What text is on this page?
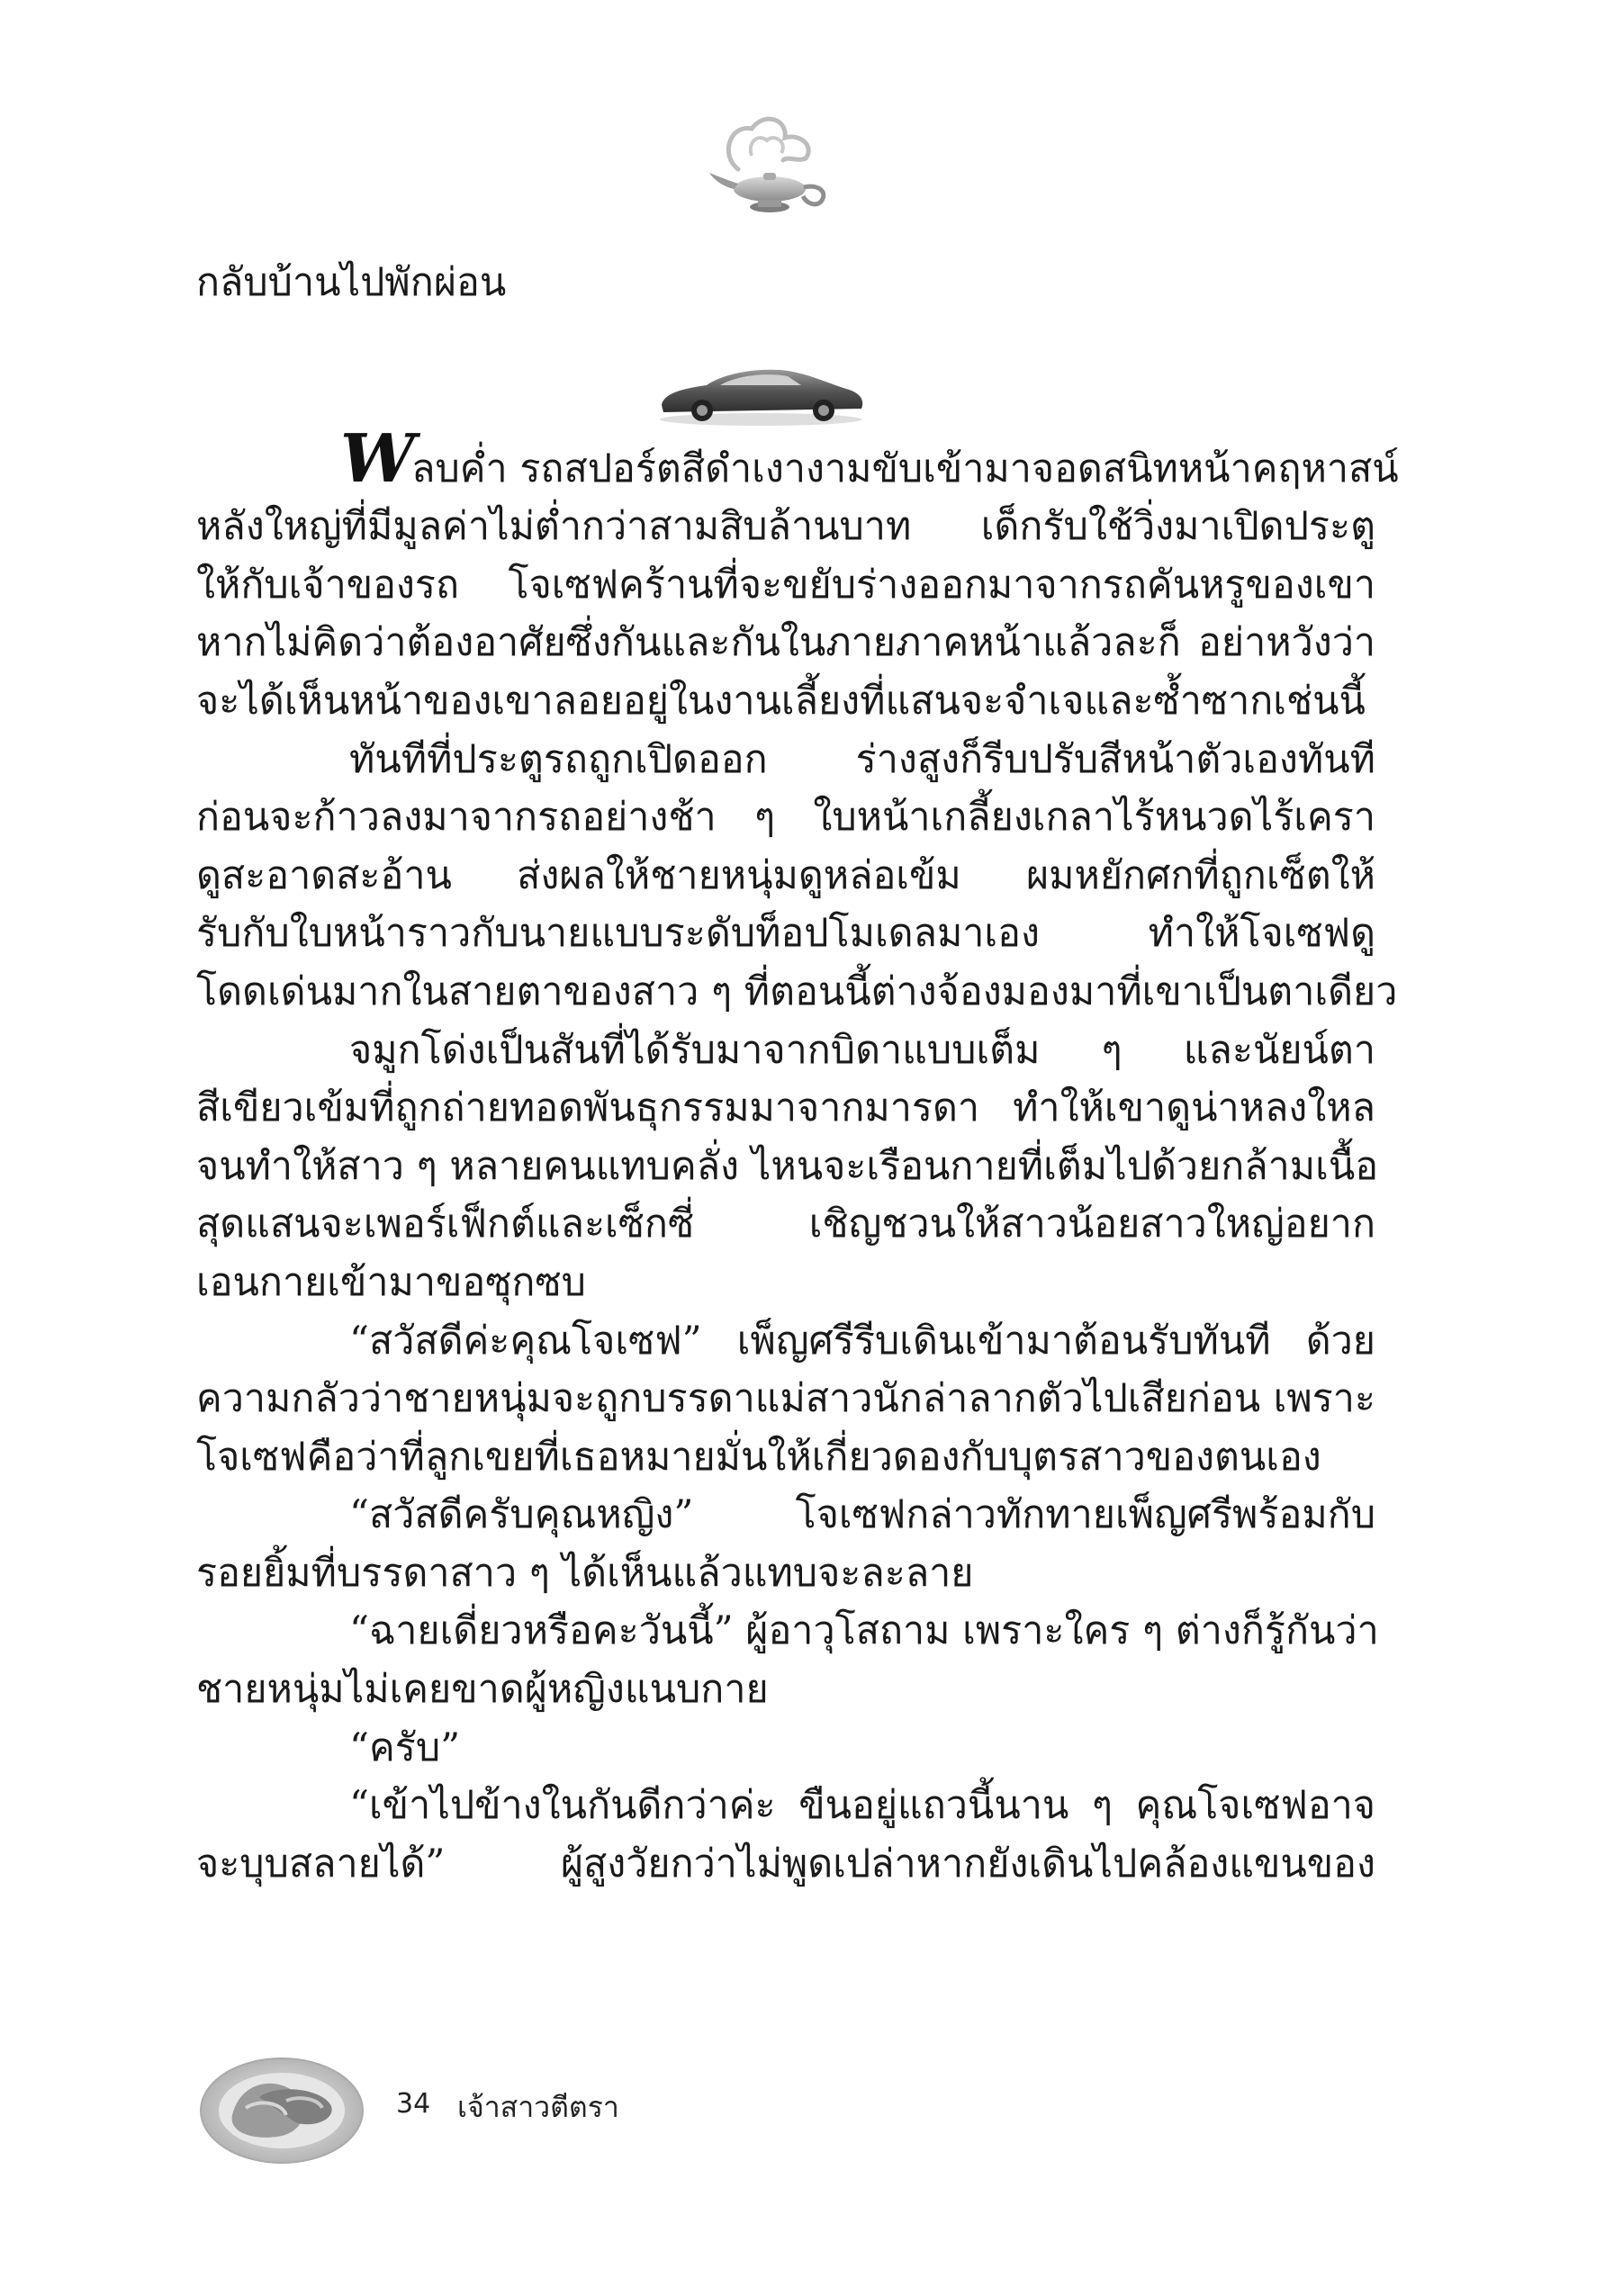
กลับบ้านไปพักผ่อน

Wลบค่ำ รถสปอร์ตสีดำเงางามขับเข้ามาจอดสนิทหน้าคฤหาสน์

หลังใหญ่ที่มีมูลค่าไม่ต่ำกว่าสามสิบล้านบาท เด็กรับใช้วิ่งมาเปิดประตู

ให้กับเจ้าของรถ โจเซฟคร้านที่จะขยับร่างออกมาจากรถคันหรูของเขา

หากไม่คิดว่าต้องอาศัยซึ่งกันและกันในภายภาคหน้าแล้วละก็ อย่าหวังว่า

จะได้เห็นหน้าของเขาลอยอยู่ในงานเลี้ยงที่แสนจะจำเจและซ้ำซากเช่นนี้

ทันทีที่ประตูรถถูกเปิดออก ร่างสูงก็รีบปรับสีหน้าตัวเองทันที

ก่อนจะก้าวลงมาจากรถอย่างช้า ๆ ใบหน้าเกลี้ยงเกลาไร้หนวดไร้เครา

ดูสะอาดสะอ้าน ส่งผลให้ชายหนุ่มดูหล่อเข้ม ผมหยักศกที่ถูกเซ็ตให้

รับกับใบหน้าราวกับนายแบบระดับท็อปโมเดลมาเอง ทำให้โจเซฟดู

โดดเด่นมากในสายตาของสาว ๆ ที่ตอนนี้ต่างจ้องมองมาที่เขาเป็นตาเดียว

จมูกโด่งเป็นสันที่ได้รับมาจากบิดาแบบเต็ม ๆ และนัยน์ตา

สีเขียวเข้มที่ถูกถ่ายทอดพันธุกรรมมาจากมารดา ทำให้เขาดูน่าหลงใหล

จนทำให้สาว ๆ หลายคนแทบคลั่ง ไหนจะเรือนกายที่เต็มไปด้วยกล้ามเนื้อ

สุดแสนจะเพอร์เฟ็กต์และเซ็กซี่ เชิญชวนให้สาวน้อยสาวใหญ่อยาก

เอนกายเข้ามาขอซุกซบ

“สวัสดีค่ะคุณโจเซฟ” เพ็ญศรีรีบเดินเข้ามาต้อนรับทันที ด้วย

ความกลัวว่าชายหนุ่มจะถูกบรรดาแม่สาวนักล่าลากตัวไปเสียก่อน เพราะ

โจเซฟคือว่าที่ลูกเขยที่เธอหมายมั่นให้เกี่ยวดองกับบุตรสาวของตนเอง

“สวัสดีครับคุณหญิง” โจเซฟกล่าวทักทายเพ็ญศรีพร้อมกับ

รอยยิ้มที่บรรดาสาว ๆ ได้เห็นแล้วแทบจะละลาย

“ฉายเดี่ยวหรือคะวันนี้” ผู้อาวุโสถาม เพราะใคร ๆ ต่างก็รู้กันว่า

ชายหนุ่มไม่เคยขาดผู้หญิงแนบกาย

“ครับ”

“เข้าไปข้างในกันดีกว่าค่ะ ขืนอยู่แถวนี้นาน ๆ คุณโจเซฟอาจ

จะบุบสลายได้” ผู้สูงวัยกว่าไม่พูดเปล่าหากยังเดินไปคล้องแขนของ

34 เจ้าสาวตีตรา
